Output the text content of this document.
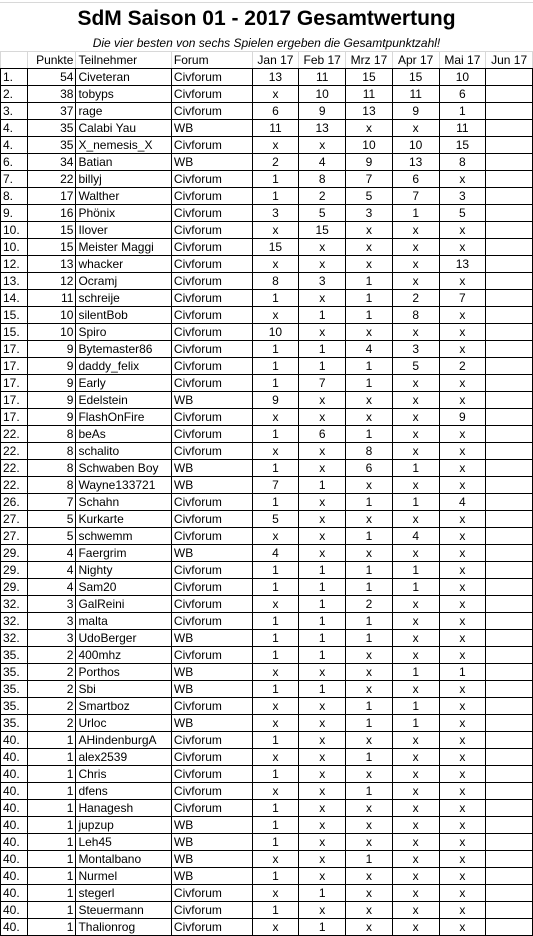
SdM Saison 01 - 2017 Gesamtwertung
Die vier besten von sechs Spielen ergeben die Gesamtpunktzahl!
	Punkte	Teilnehmer	Forum	Jan 17	Feb 17	Mrz 17	Apr 17	Mai 17	Jun 17
1.	54	Civeteran	Civforum	13	11	15	15	10	
2.	38	tobyps	Civforum	x	10	11	11	6	
3.	37	rage	Civforum	6	9	13	9	1	
4.	35	Calabi Yau	WB	11	13	x	x	11	
4.	35	X_nemesis_X	Civforum	x	x	10	10	15	
6.	34	Batian	WB	2	4	9	13	8	
7.	22	billyj	Civforum	1	8	7	6	x	
8.	17	Walther	Civforum	1	2	5	7	3	
9.	16	Phönix	Civforum	3	5	3	1	5	
10.	15	Ilover	Civforum	x	15	x	x	x	
10.	15	Meister Maggi	Civforum	15	x	x	x	x	
12.	13	whacker	Civforum	x	x	x	x	13	
13.	12	Ocramj	Civforum	8	3	1	x	x	
14.	11	schreije	Civforum	1	x	1	2	7	
15.	10	silentBob	Civforum	x	1	1	8	x	
15.	10	Spiro	Civforum	10	x	x	x	x	
17.	9	Bytemaster86	Civforum	1	1	4	3	x	
17.	9	daddy_felix	Civforum	1	1	1	5	2	
17.	9	Early	Civforum	1	7	1	x	x	
17.	9	Edelstein	WB	9	x	x	x	x	
17.	9	FlashOnFire	Civforum	x	x	x	x	9	
22.	8	beAs	Civforum	1	6	1	x	x	
22.	8	schalito	Civforum	x	x	8	x	x	
22.	8	Schwaben Boy	WB	1	x	6	1	x	
22.	8	Wayne133721	WB	7	1	x	x	x	
26.	7	Schahn	Civforum	1	x	1	1	4	
27.	5	Kurkarte	Civforum	5	x	x	x	x	
27.	5	schwemm	Civforum	x	x	1	4	x	
29.	4	Faergrim	WB	4	x	x	x	x	
29.	4	Nighty	Civforum	1	1	1	1	x	
29.	4	Sam20	Civforum	1	1	1	1	x	
32.	3	GalReini	Civforum	x	1	2	x	x	
32.	3	malta	Civforum	1	1	1	x	x	
32.	3	UdoBerger	WB	1	1	1	x	x	
35.	2	400mhz	Civforum	1	1	x	x	x	
35.	2	Porthos	WB	x	x	x	1	1	
35.	2	Sbi	WB	1	1	x	x	x	
35.	2	Smartboz	Civforum	x	x	1	1	x	
35.	2	Urloc	WB	x	x	1	1	x	
40.	1	AHindenburgA	Civforum	1	x	x	x	x	
40.	1	alex2539	Civforum	x	x	1	x	x	
40.	1	Chris	Civforum	1	x	x	x	x	
40.	1	dfens	Civforum	x	x	1	x	x	
40.	1	Hanagesh	Civforum	1	x	x	x	x	
40.	1	jupzup	WB	1	x	x	x	x	
40.	1	Leh45	WB	1	x	x	x	x	
40.	1	Montalbano	WB	x	x	1	x	x	
40.	1	Nurmel	WB	1	x	x	x	x	
40.	1	stegerl	Civforum	x	1	x	x	x	
40.	1	Steuermann	Civforum	1	x	x	x	x	
40.	1	Thalionrog	Civforum	x	1	x	x	x	
